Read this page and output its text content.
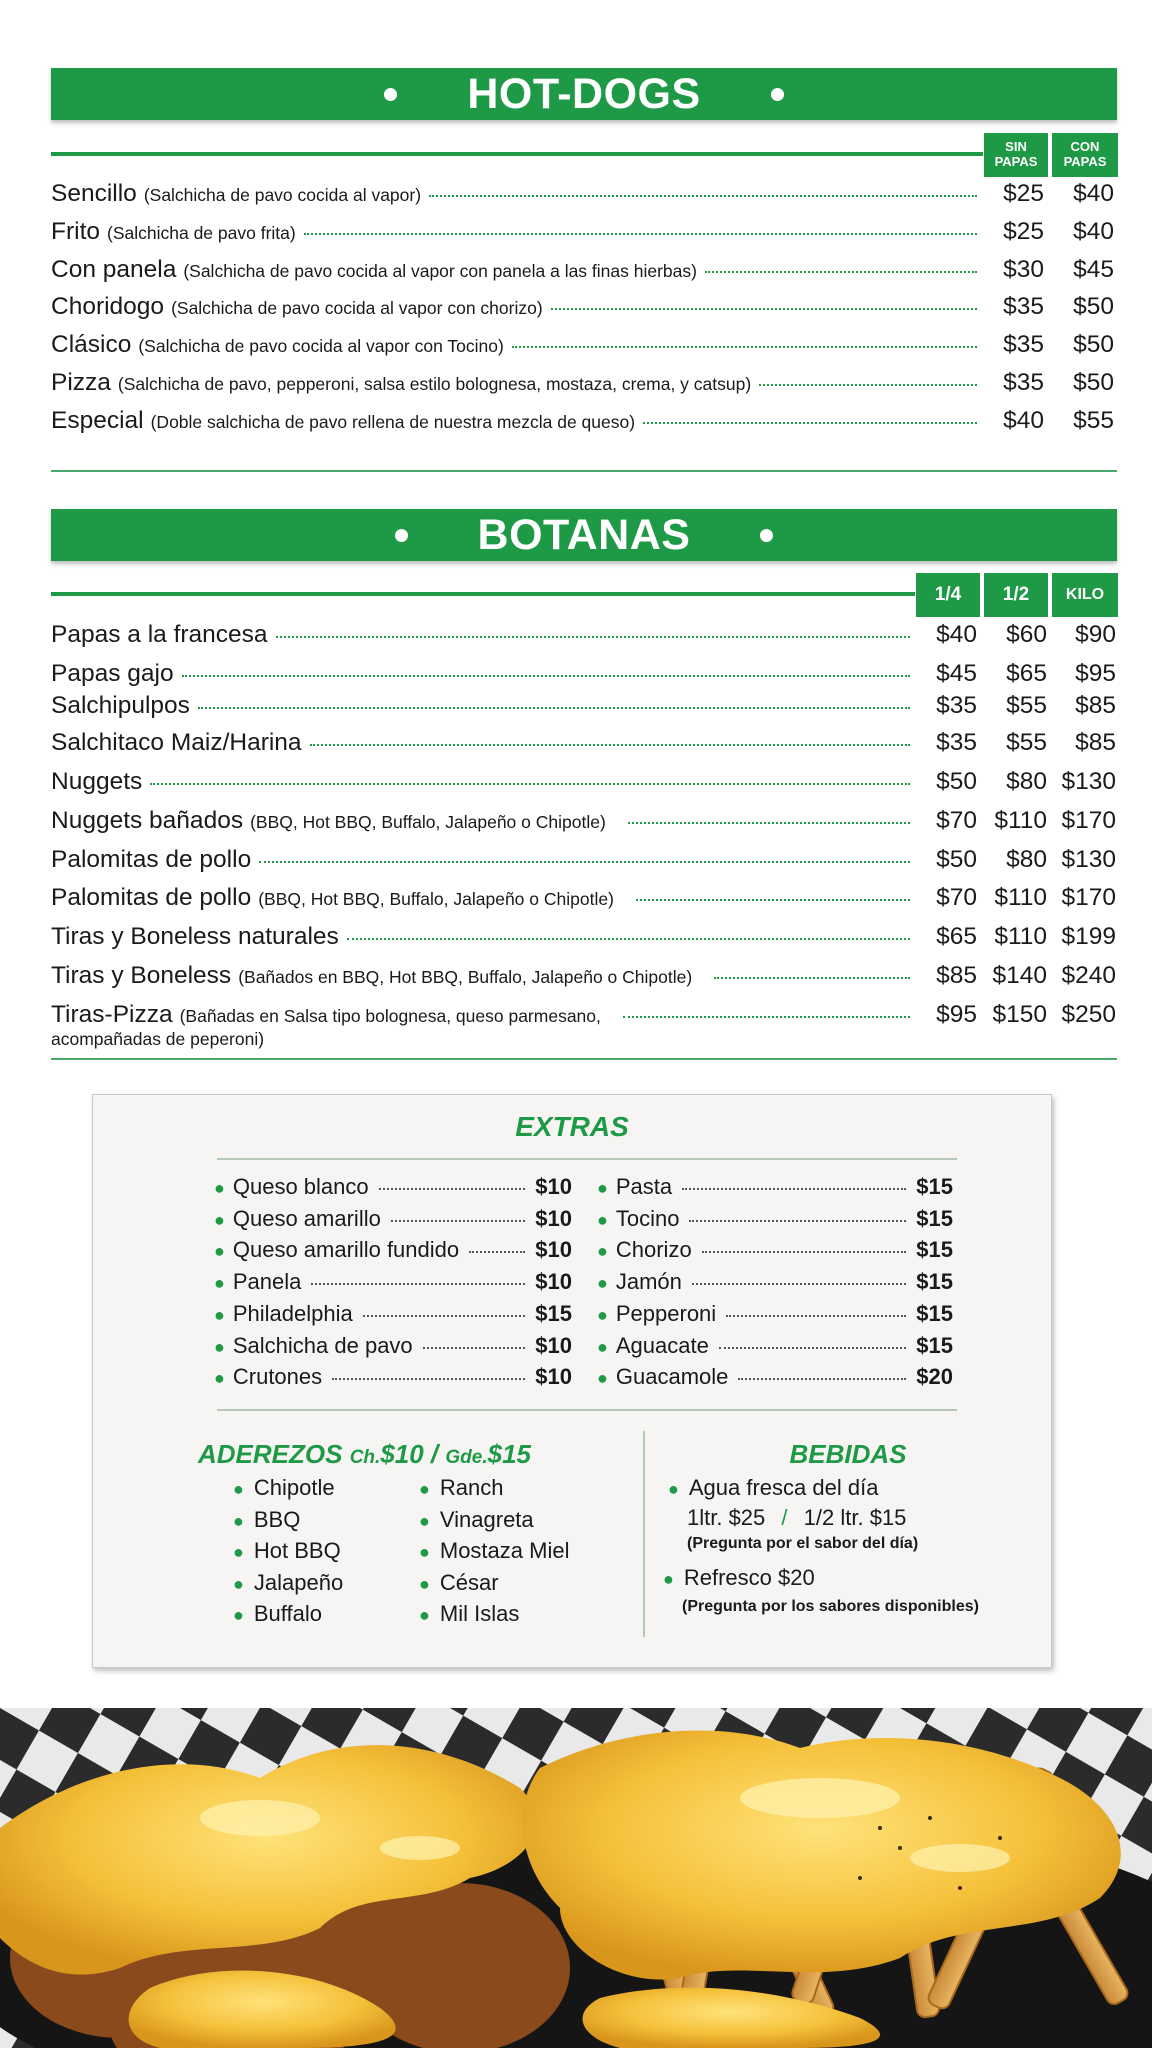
HOT-DOGS
SIN PAPAS
CON PAPAS
Sencillo (Salchicha de pavo cocida al vapor)	$25	$40
Frito (Salchicha de pavo frita)	$25	$40
Con panela (Salchicha de pavo cocida al vapor con panela a las finas hierbas)	$30	$45
Choridogo (Salchicha de pavo cocida al vapor con chorizo)	$35	$50
Clásico (Salchicha de pavo cocida al vapor con Tocino)	$35	$50
Pizza (Salchicha de pavo, pepperoni, salsa estilo bolognesa, mostaza, crema, y catsup)	$35	$50
Especial (Doble salchicha de pavo rellena de nuestra mezcla de queso)	$40	$55
BOTANAS
1/4	1/2	KILO
Papas a la francesa	$40	$60	$90
Papas gajo	$45	$65	$95
Salchipulpos	$35	$55	$85
Salchitaco Maiz/Harina	$35	$55	$85
Nuggets	$50	$80 $130
Nuggets bañados (BBQ, Hot BBQ, Buffalo, Jalapeño o Chipotle)	$70 $110 $170
Palomitas de pollo	$50	$80 $130
Palomitas de pollo (BBQ, Hot BBQ, Buffalo, Jalapeño o Chipotle)	$70 $110 $170
Tiras y Boneless naturales	$65 $110 $199
Tiras y Boneless (Bañados en BBQ, Hot BBQ, Buffalo, Jalapeño o Chipotle)	$85 $140 $240
Tiras-Pizza (Bañadas en Salsa tipo bolognesa, queso parmesano,	$95 $150 $250
acompañadas de peperoni)
EXTRAS
● Queso blanco	$10
● Queso amarillo	$10
● Queso amarillo fundido	$10
● Panela	$10
● Philadelphia	$15
● Salchicha de pavo	$10
● Crutones	$10
● Pasta	$15
● Tocino	$15
● Chorizo	$15
● Jamón	$15
● Pepperoni	$15
● Aguacate	$15
● Guacamole	$20
ADEREZOS Ch.$10 / Gde.$15
● Chipotle
● BBQ
● Hot BBQ
● Jalapeño
● Buffalo
● Ranch
● Vinagreta
● Mostaza Miel
● César
● Mil Islas
BEBIDAS
● Agua fresca del día
1ltr. $25 / 1/2 ltr. $15
(Pregunta por el sabor del día)
● Refresco $20
(Pregunta por los sabores disponibles)
